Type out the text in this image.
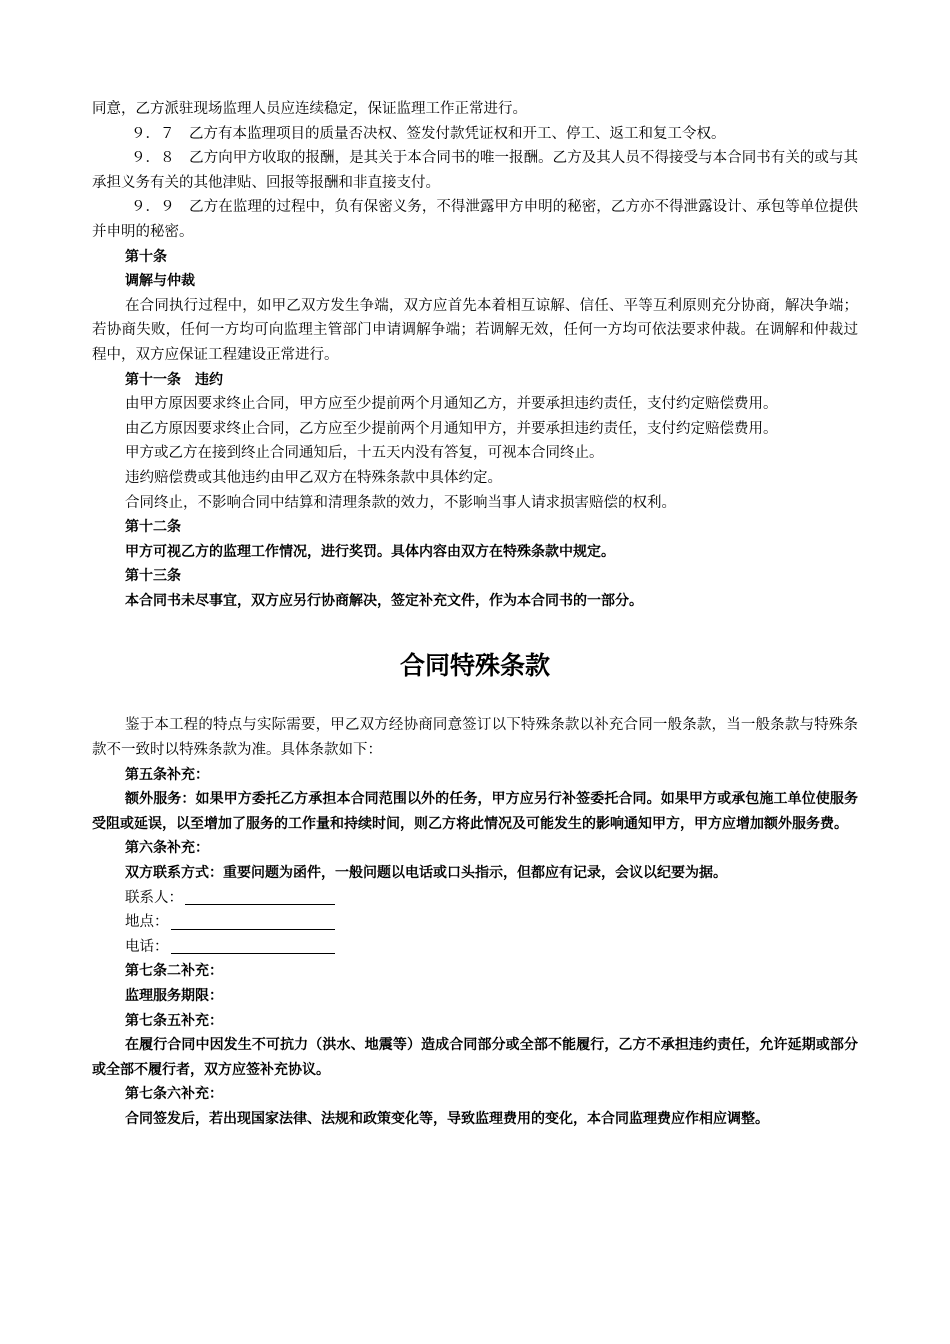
同意，乙方派驻现场监理人员应连续稳定，保证监理工作正常进行。

９．７　乙方有本监理项目的质量否决权、签发付款凭证权和开工、停工、返工和复工令权。

９．８　乙方向甲方收取的报酬，是其关于本合同书的唯一报酬。乙方及其人员不得接受与本合同书有关的或与其承担义务有关的其他津贴、回报等报酬和非直接支付。

９．９　乙方在监理的过程中，负有保密义务，不得泄露甲方申明的秘密，乙方亦不得泄露设计、承包等单位提供并申明的秘密。

第十条

调解与仲裁

在合同执行过程中，如甲乙双方发生争端，双方应首先本着相互谅解、信任、平等互利原则充分协商，解决争端；若协商失败，任何一方均可向监理主管部门申请调解争端；若调解无效，任何一方均可依法要求仲裁。在调解和仲裁过程中，双方应保证工程建设正常进行。

第十一条　违约

由甲方原因要求终止合同，甲方应至少提前两个月通知乙方，并要承担违约责任，支付约定赔偿费用。

由乙方原因要求终止合同，乙方应至少提前两个月通知甲方，并要承担违约责任，支付约定赔偿费用。

甲方或乙方在接到终止合同通知后，十五天内没有答复，可视本合同终止。

违约赔偿费或其他违约由甲乙双方在特殊条款中具体约定。

合同终止，不影响合同中结算和清理条款的效力，不影响当事人请求损害赔偿的权利。

第十二条

甲方可视乙方的监理工作情况，进行奖罚。具体内容由双方在特殊条款中规定。

第十三条

本合同书未尽事宜，双方应另行协商解决，签定补充文件，作为本合同书的一部分。

合同特殊条款

鉴于本工程的特点与实际需要，甲乙双方经协商同意签订以下特殊条款以补充合同一般条款，当一般条款与特殊条款不一致时以特殊条款为准。具体条款如下：

第五条补充：

额外服务：如果甲方委托乙方承担本合同范围以外的任务，甲方应另行补签委托合同。如果甲方或承包施工单位使服务受阻或延误，以至增加了服务的工作量和持续时间，则乙方将此情况及可能发生的影响通知甲方，甲方应增加额外服务费。

第六条补充：

双方联系方式：重要问题为函件，一般问题以电话或口头指示，但都应有记录，会议以纪要为据。

联系人：
地点：
电话：

第七条二补充：

监理服务期限：

第七条五补充：

在履行合同中因发生不可抗力（洪水、地震等）造成合同部分或全部不能履行，乙方不承担违约责任，允许延期或部分或全部不履行者，双方应签补充协议。

第七条六补充：

合同签发后，若出现国家法律、法规和政策变化等，导致监理费用的变化，本合同监理费应作相应调整。
